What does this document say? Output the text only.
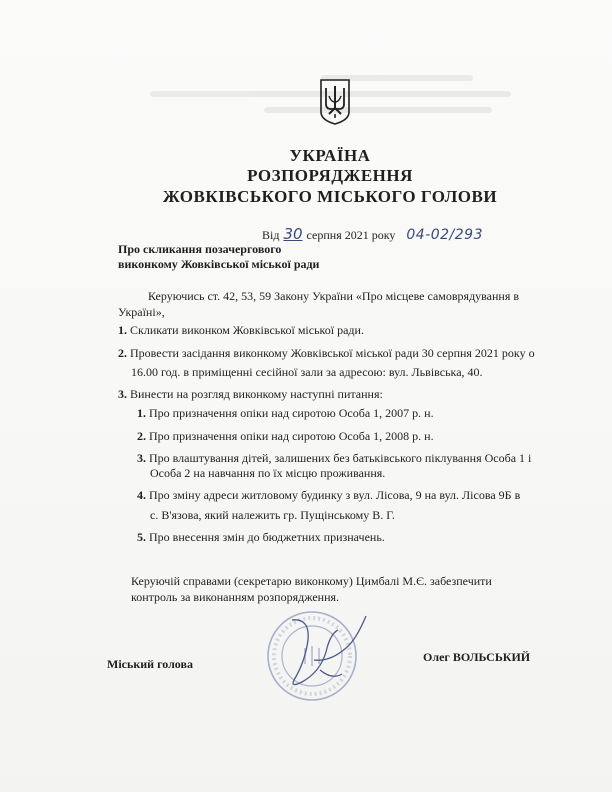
УКРАЇНА
РОЗПОРЯДЖЕННЯ
ЖОВКІВСЬКОГО МІСЬКОГО ГОЛОВИ
Від 30 серпня 2021 року 04-02/293
Про скликання позачергового
виконкому Жовківської міської ради
Керуючись ст. 42, 53, 59 Закону України «Про місцеве самоврядування в
Україні»,
1. Скликати виконком Жовківської міської ради.
2. Провести засідання виконкому Жовківської міської ради 30 серпня 2021 року о
16.00 год. в приміщенні сесійної зали за адресою: вул. Львівська, 40.
3. Винести на розгляд виконкому наступні питання:
1. Про призначення опіки над сиротою Особа 1, 2007 р. н.
2. Про призначення опіки над сиротою Особа 1, 2008 р. н.
3. Про влаштування дітей, залишених без батьківського піклування Особа 1 і
Особа 2 на навчання по їх місцю проживання.
4. Про зміну адреси житловому будинку з вул. Лісова, 9 на вул. Лісова 9Б в
с. В'язова, який належить гр. Пущінському В. Г.
5. Про внесення змін до бюджетних призначень.
Керуючій справами (секретарю виконкому) Цимбалі М.Є. забезпечити
контроль за виконанням розпорядження.
Міський голова	Олег ВОЛЬСЬКИЙ
